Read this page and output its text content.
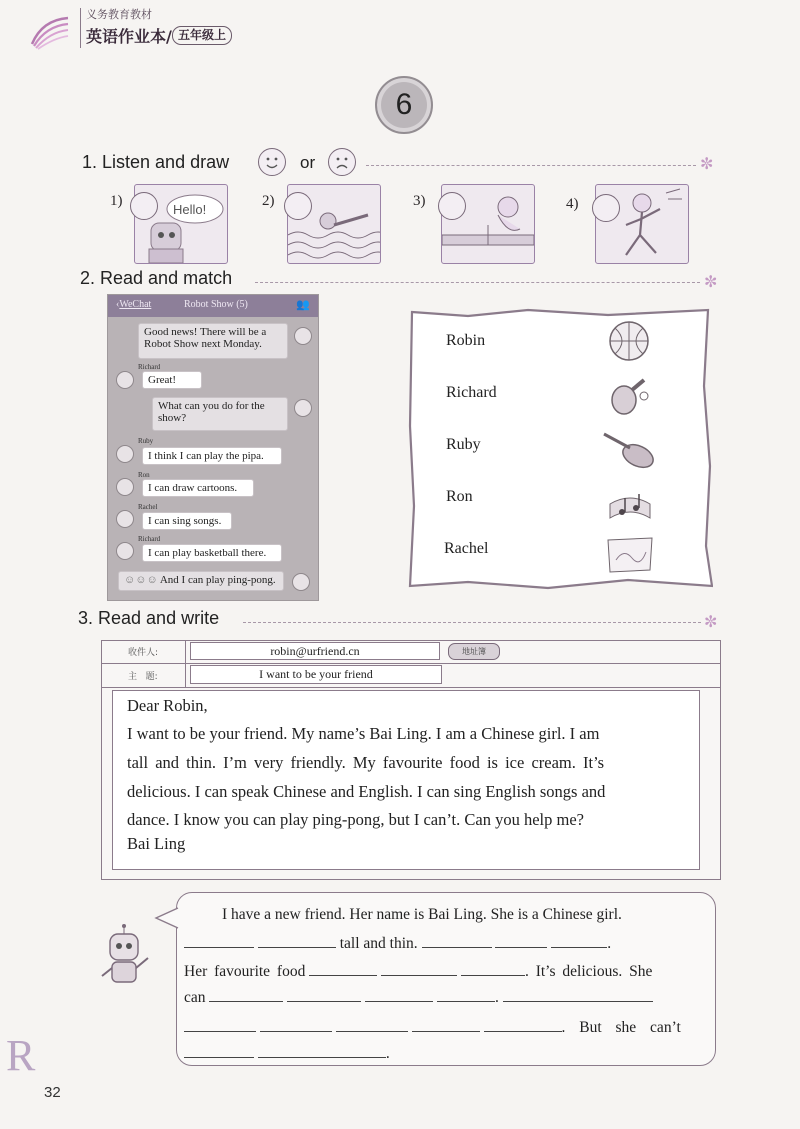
义务教育教材
英语作业本/ 五年级上
6
1. Listen and draw	or	✼
1)
Hello!
2)	3)	4)
2. Read and match	✼
‹WeChat	Robot Show (5)	👥
Good news! There will be a Robot Show next Monday.
Richard
Great!
What can you do for the show?
Ruby
I think I can play the pipa.
Ron
I can draw cartoons.
Rachel
I can sing songs.
Richard
I can play basketball there.
☺☺☺ And I can play ping-pong.
Robin
Richard
Ruby
Ron
Rachel
3. Read and write	✼
收件人:	robin@urfriend.cn	地址簿
主   题:	I want to be your friend
Dear Robin,
I want to be your friend. My name’s Bai Ling. I am a Chinese girl. I am
tall and thin. I’m very friendly. My favourite food is ice cream. It’s
delicious. I can speak Chinese and English. I can sing English songs and
dance. I know you can play ping-pong, but I can’t. Can you help me?
Bai Ling
I have a new friend. Her name is Bai Ling. She is a Chinese girl.
tall and thin.	.
Her favourite food	. It’s delicious. She
can	.
. But she can’t
.
R
32
